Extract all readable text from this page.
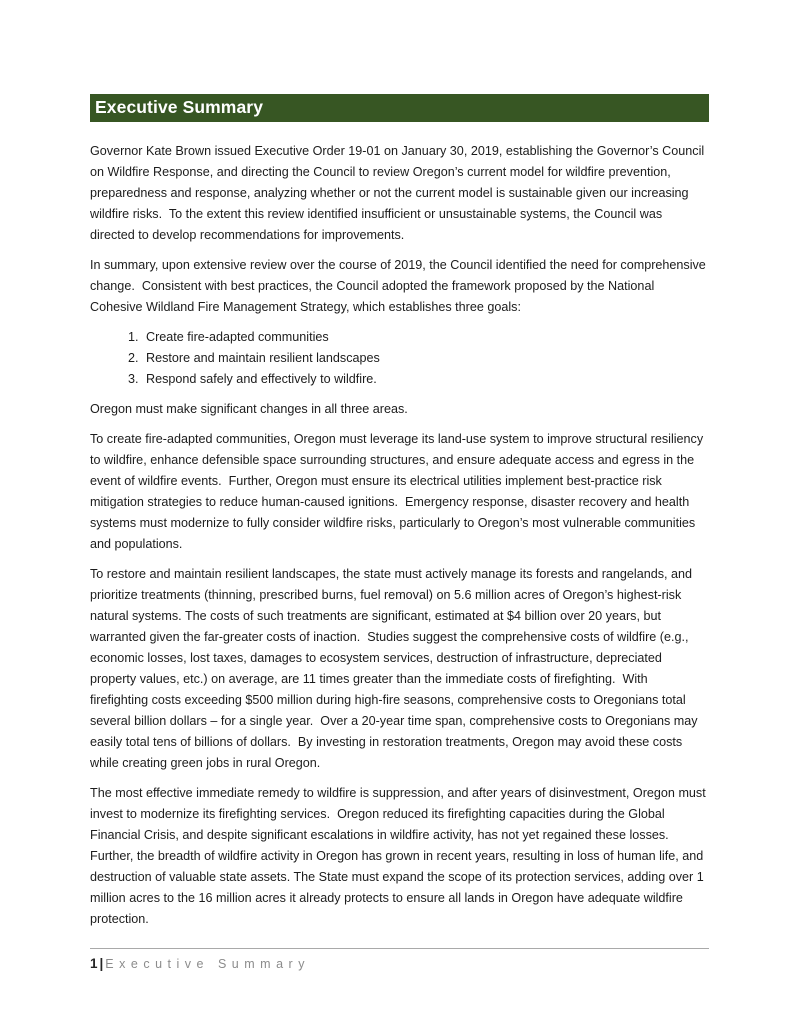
Executive Summary

Governor Kate Brown issued Executive Order 19-01 on January 30, 2019, establishing the Governor’s Council on Wildfire Response, and directing the Council to review Oregon’s current model for wildfire prevention, preparedness and response, analyzing whether or not the current model is sustainable given our increasing wildfire risks.  To the extent this review identified insufficient or unsustainable systems, the Council was directed to develop recommendations for improvements.

In summary, upon extensive review over the course of 2019, the Council identified the need for comprehensive change.  Consistent with best practices, the Council adopted the framework proposed by the National Cohesive Wildland Fire Management Strategy, which establishes three goals:

1. Create fire-adapted communities
2. Restore and maintain resilient landscapes
3. Respond safely and effectively to wildfire.

Oregon must make significant changes in all three areas.

To create fire-adapted communities, Oregon must leverage its land-use system to improve structural resiliency to wildfire, enhance defensible space surrounding structures, and ensure adequate access and egress in the event of wildfire events.  Further, Oregon must ensure its electrical utilities implement best-practice risk mitigation strategies to reduce human-caused ignitions.  Emergency response, disaster recovery and health systems must modernize to fully consider wildfire risks, particularly to Oregon’s most vulnerable communities and populations.

To restore and maintain resilient landscapes, the state must actively manage its forests and rangelands, and prioritize treatments (thinning, prescribed burns, fuel removal) on 5.6 million acres of Oregon’s highest-risk natural systems. The costs of such treatments are significant, estimated at $4 billion over 20 years, but warranted given the far-greater costs of inaction.  Studies suggest the comprehensive costs of wildfire (e.g., economic losses, lost taxes, damages to ecosystem services, destruction of infrastructure, depreciated property values, etc.) on average, are 11 times greater than the immediate costs of firefighting.  With firefighting costs exceeding $500 million during high-fire seasons, comprehensive costs to Oregonians total several billion dollars – for a single year.  Over a 20-year time span, comprehensive costs to Oregonians may easily total tens of billions of dollars.  By investing in restoration treatments, Oregon may avoid these costs while creating green jobs in rural Oregon.

The most effective immediate remedy to wildfire is suppression, and after years of disinvestment, Oregon must invest to modernize its firefighting services.  Oregon reduced its firefighting capacities during the Global Financial Crisis, and despite significant escalations in wildfire activity, has not yet regained these losses.  Further, the breadth of wildfire activity in Oregon has grown in recent years, resulting in loss of human life, and destruction of valuable state assets. The State must expand the scope of its protection services, adding over 1 million acres to the 16 million acres it already protects to ensure all lands in Oregon have adequate wildfire protection.

1 | Executive Summary
